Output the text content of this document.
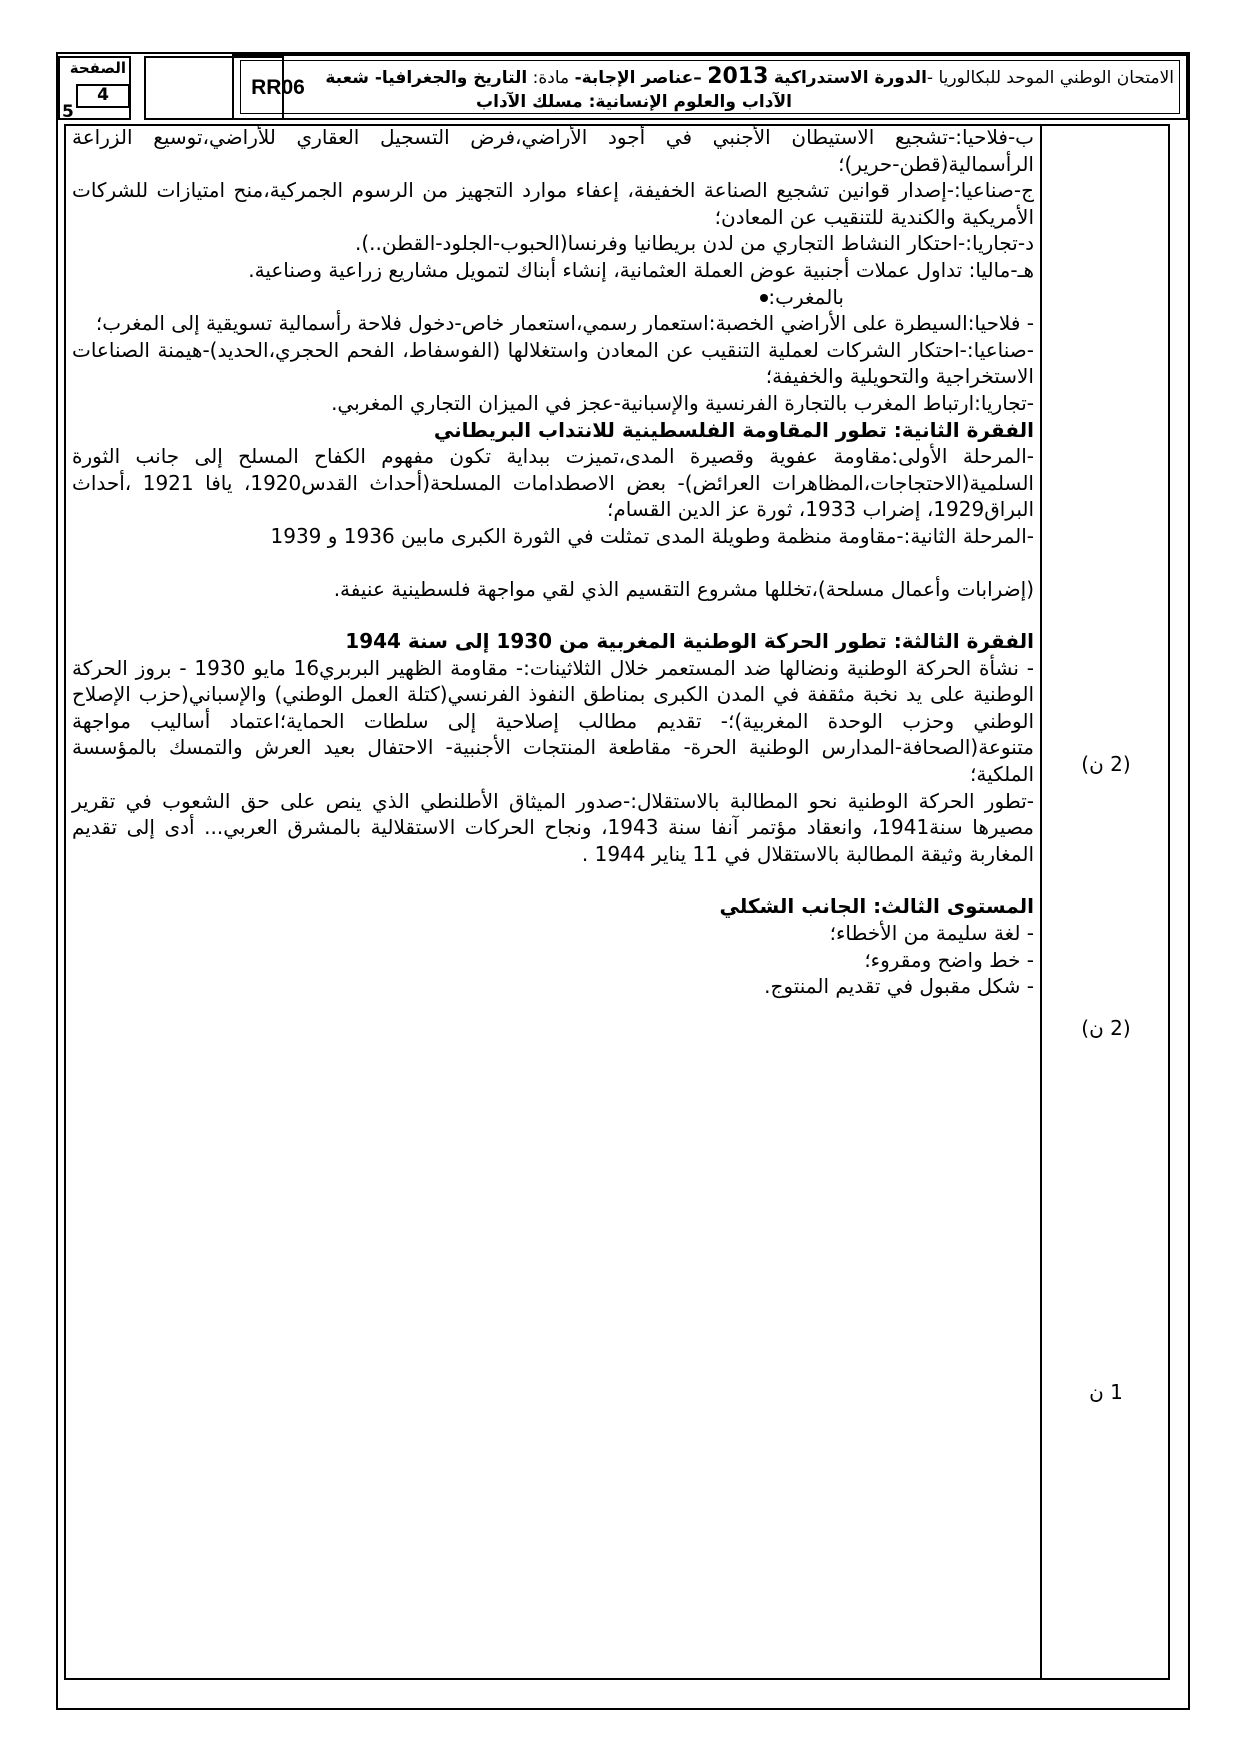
الصفحة
4
5
RR06	الامتحان الوطني الموحد للبكالوريا -الدورة الاستدراكية 2013 –عناصر الإجابة- مادة: التاريخ والجغرافيا- شعبة
الآداب والعلوم الإنسانية: مسلك الآداب

ب-فلاحيا:-تشجيع الاستيطان الأجنبي في أجود الأراضي،فرض التسجيل العقاري للأراضي،توسيع الزراعة الرأسمالية(قطن-حرير)؛

ج-صناعيا:-إصدار قوانين تشجيع الصناعة الخفيفة، إعفاء موارد التجهيز من الرسوم الجمركية،منح امتيازات للشركات الأمريكية والكندية للتنقيب عن المعادن؛

د-تجاريا:-احتكار النشاط التجاري من لدن بريطانيا وفرنسا(الحبوب-الجلود-القطن..).

هـ-ماليا: تداول عملات أجنبية عوض العملة العثمانية، إنشاء أبناك لتمويل مشاريع زراعية وصناعية.

بالمغرب:

- فلاحيا:السيطرة على الأراضي الخصبة:استعمار رسمي،استعمار خاص-دخول فلاحة رأسمالية تسويقية إلى المغرب؛

-صناعيا:-احتكار الشركات لعملية التنقيب عن المعادن واستغلالها (الفوسفاط، الفحم الحجري،الحديد)-هيمنة الصناعات الاستخراجية والتحويلية والخفيفة؛

-تجاريا:ارتباط المغرب بالتجارة الفرنسية والإسبانية-عجز في الميزان التجاري المغربي.

الفقرة الثانية: تطور المقاومة الفلسطينية للانتداب البريطاني

-المرحلة الأولى:مقاومة عفوية وقصيرة المدى،تميزت ببداية تكون مفهوم الكفاح المسلح إلى جانب الثورة السلمية(الاحتجاجات،المظاهرات العرائض)- بعض الاصطدامات المسلحة(أحداث القدس1920، يافا 1921 ،أحداث البراق1929، إضراب 1933، ثورة عز الدين القسام؛

-المرحلة الثانية:-مقاومة منظمة وطويلة المدى تمثلت في الثورة الكبرى مابين 1936 و 1939

(إضرابات وأعمال مسلحة)،تخللها مشروع التقسيم الذي لقي مواجهة فلسطينية عنيفة.

الفقرة الثالثة: تطور الحركة الوطنية المغربية من 1930 إلى سنة 1944

- نشأة الحركة الوطنية ونضالها ضد المستعمر خلال الثلاثينات:- مقاومة الظهير البربري16 مايو 1930 - بروز الحركة الوطنية على يد نخبة مثقفة في المدن الكبرى بمناطق النفوذ الفرنسي(كتلة العمل الوطني) والإسباني(حزب الإصلاح الوطني وحزب الوحدة المغربية)؛- تقديم مطالب إصلاحية إلى سلطات الحماية؛اعتماد أساليب مواجهة متنوعة(الصحافة-المدارس الوطنية الحرة- مقاطعة المنتجات الأجنبية- الاحتفال بعيد العرش والتمسك بالمؤسسة الملكية؛

-تطور الحركة الوطنية نحو المطالبة بالاستقلال:-صدور الميثاق الأطلنطي الذي ينص على حق الشعوب في تقرير مصيرها سنة1941، وانعقاد مؤتمر آنفا سنة 1943، ونجاح الحركات الاستقلالية بالمشرق العربي... أدى إلى تقديم المغاربة وثيقة المطالبة بالاستقلال في 11 يناير 1944 .

المستوى الثالث: الجانب الشكلي

- لغة سليمة من الأخطاء؛

- خط واضح ومقروء؛

- شكل مقبول في تقديم المنتوج.

(2 ن)
(2 ن)
1 ن
